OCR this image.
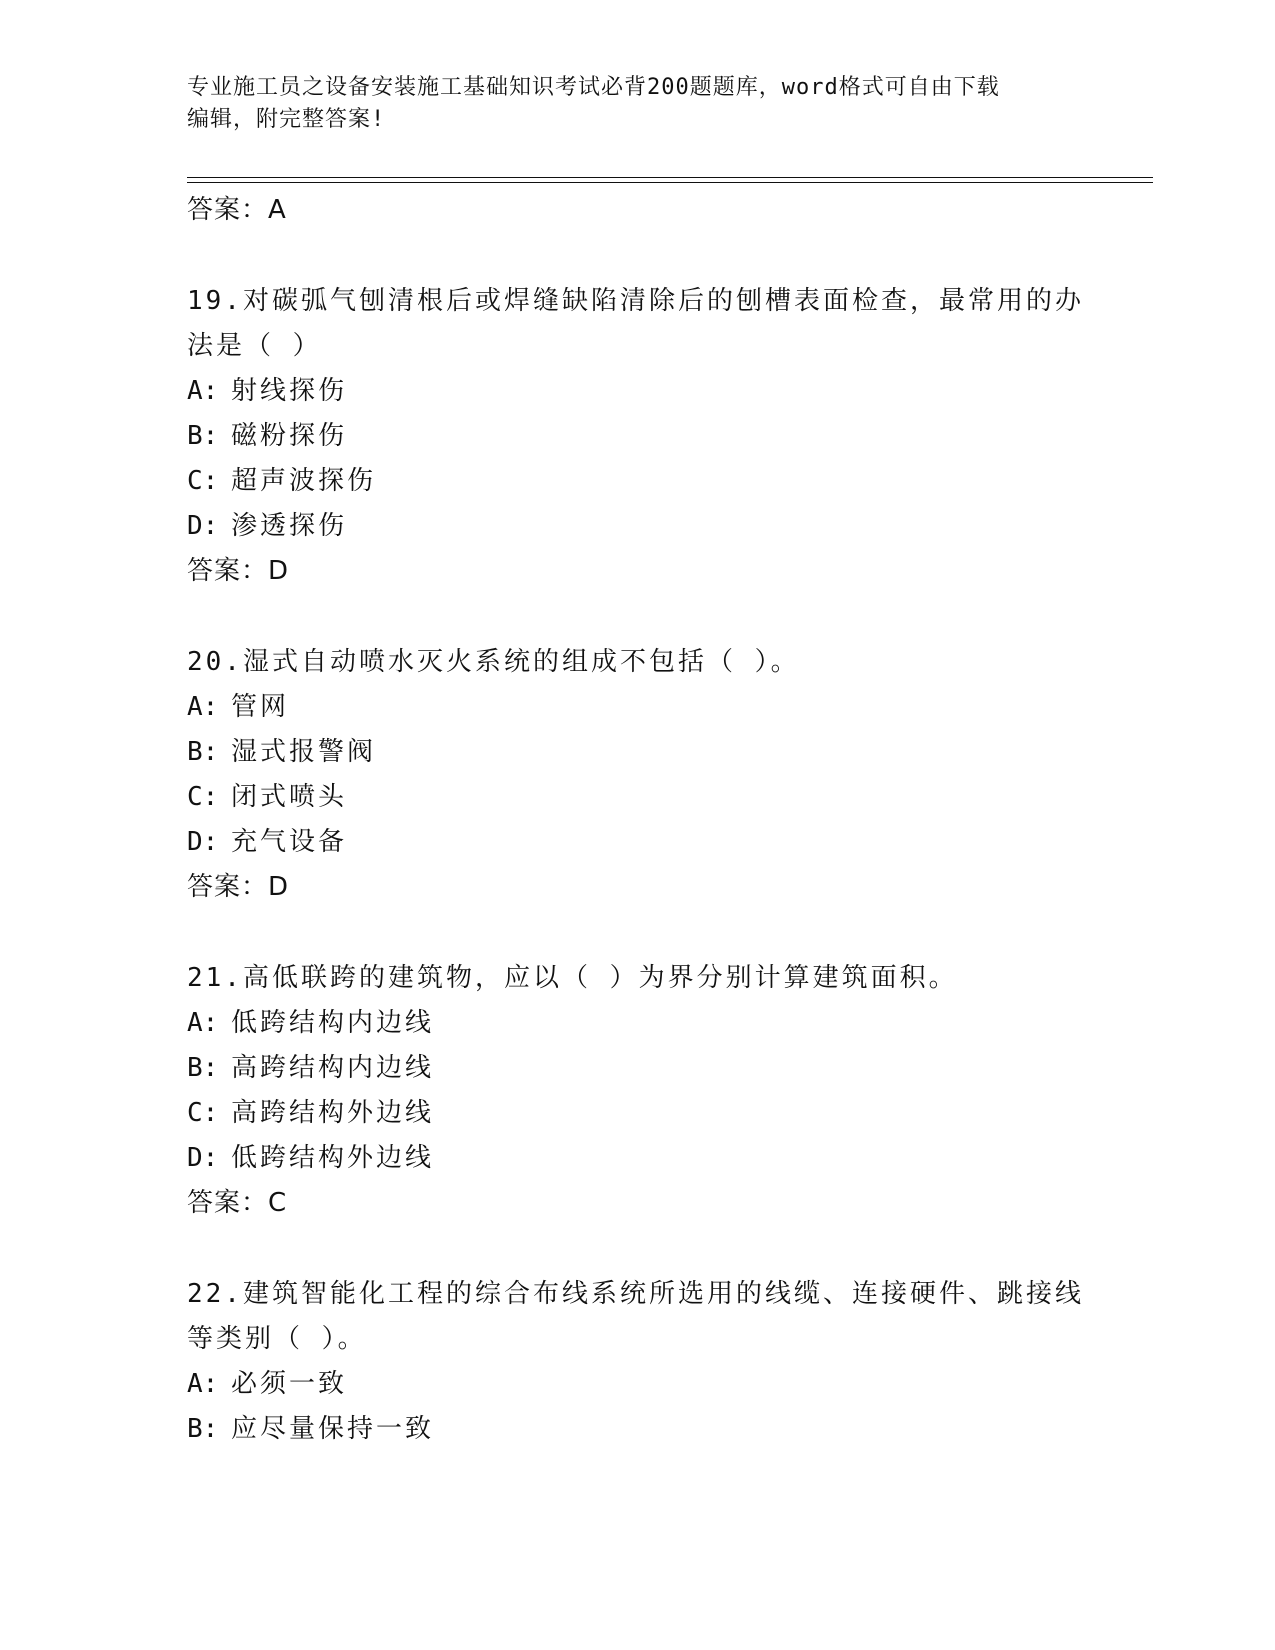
专业施工员之设备安装施工基础知识考试必背200题题库，word格式可自由下载
编辑，附完整答案!
答案：A
19.对碳弧气刨清根后或焊缝缺陷清除后的刨槽表面检查，最常用的办
法是（ ）
A: 射线探伤
B: 磁粉探伤
C: 超声波探伤
D: 渗透探伤
答案：D
20.湿式自动喷水灭火系统的组成不包括（ ）。
A: 管网
B: 湿式报警阀
C: 闭式喷头
D: 充气设备
答案：D
21.高低联跨的建筑物，应以（ ）为界分别计算建筑面积。
A: 低跨结构内边线
B: 高跨结构内边线
C: 高跨结构外边线
D: 低跨结构外边线
答案：C
22.建筑智能化工程的综合布线系统所选用的线缆、连接硬件、跳接线
等类别（ ）。
A: 必须一致
B: 应尽量保持一致
